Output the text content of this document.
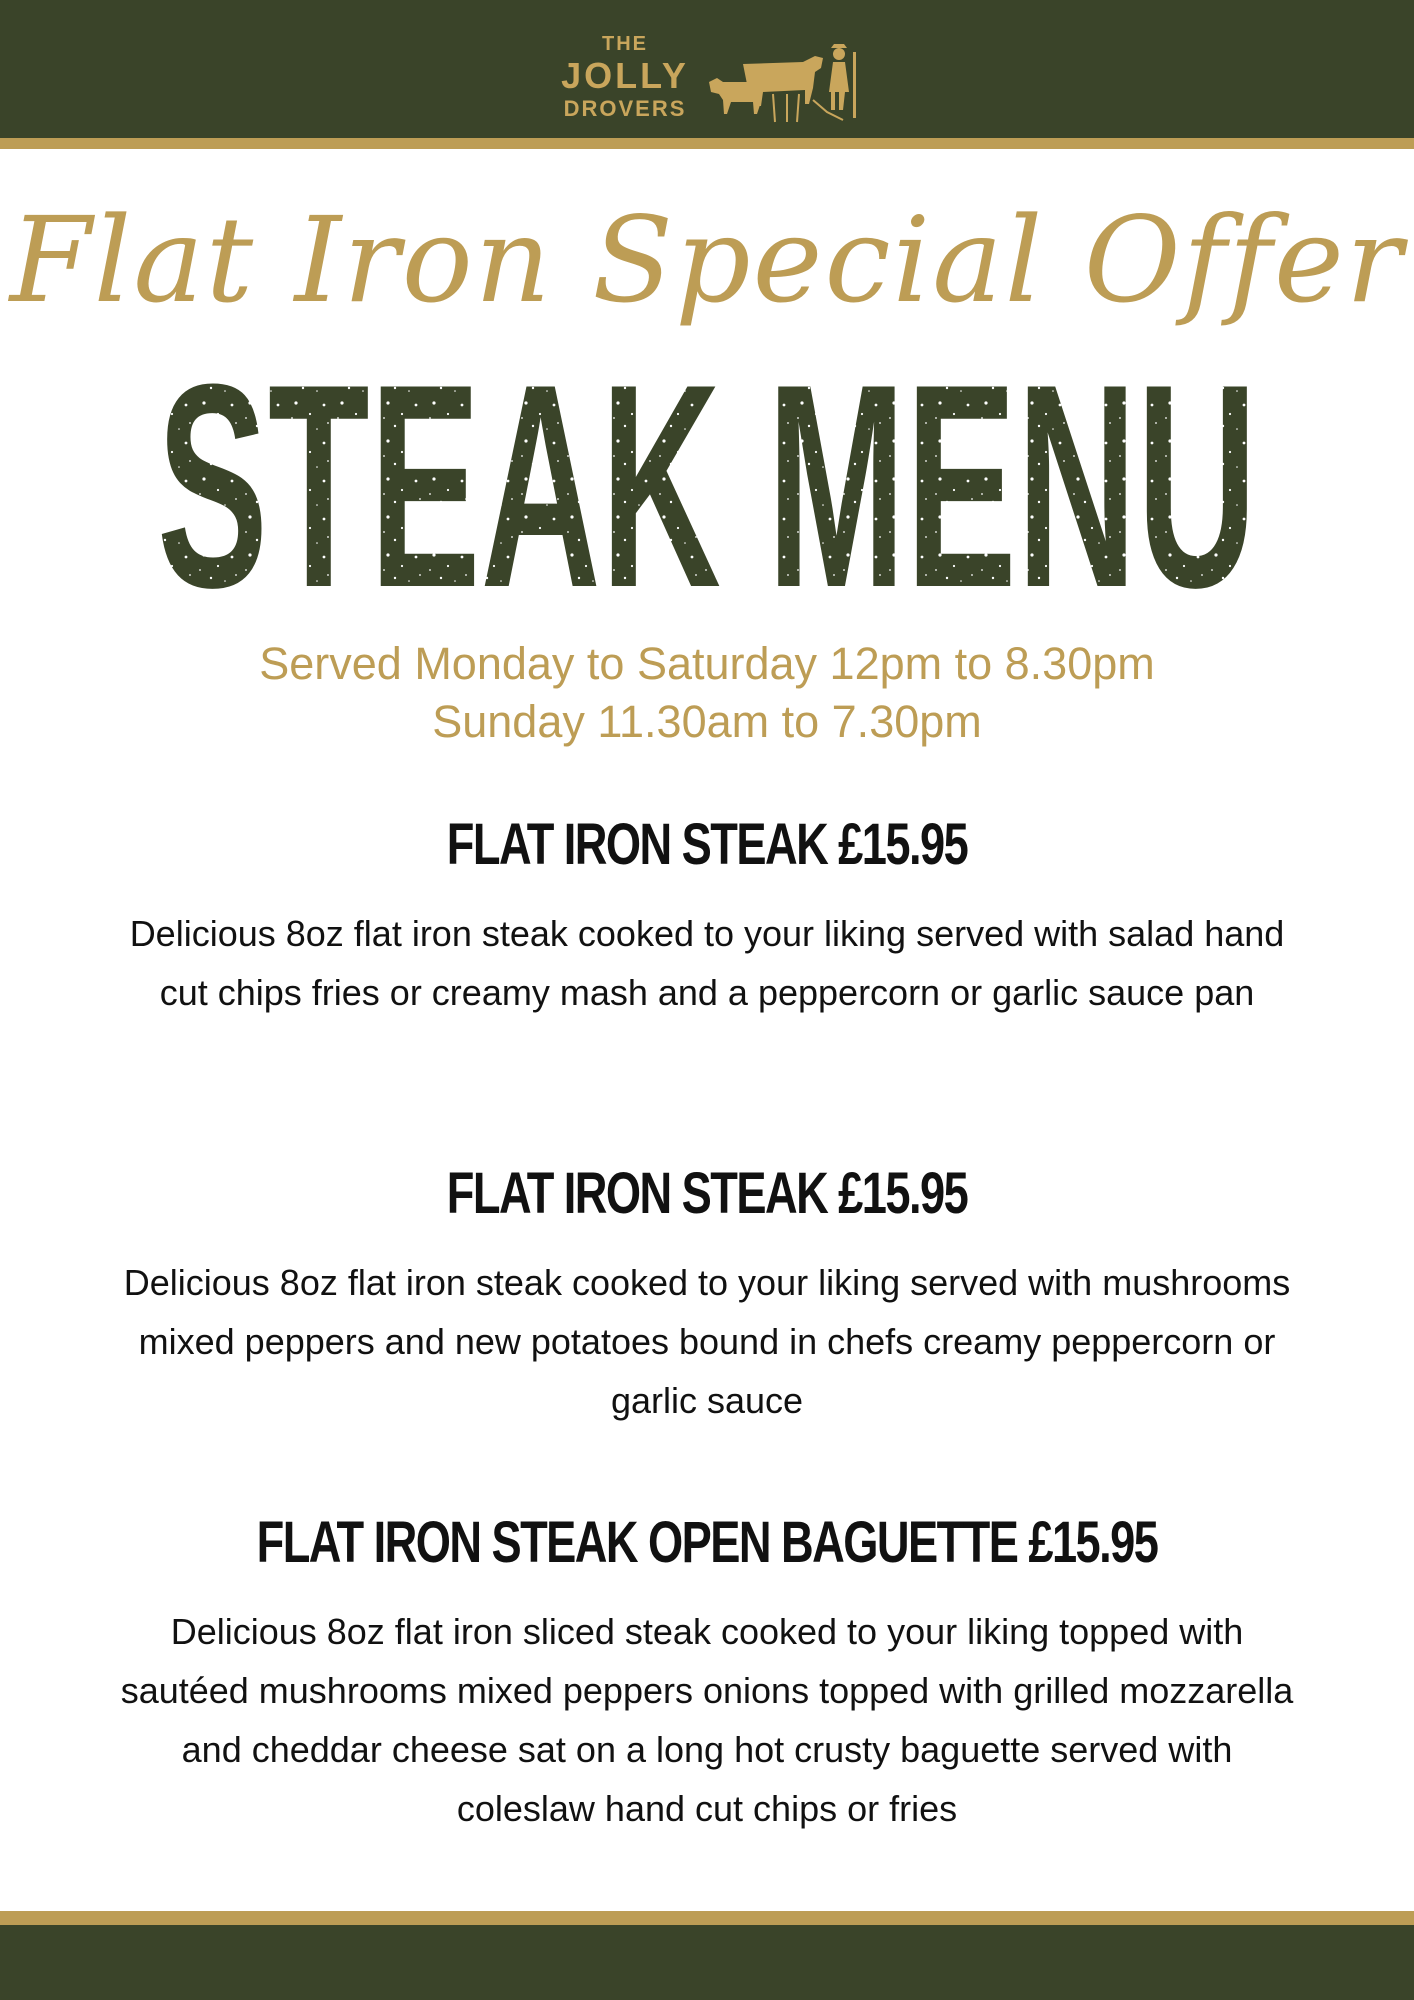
THE
JOLLY
DROVERS
Flat Iron Special Offer
STEAK MENU
Served Monday to Saturday 12pm to 8.30pm
Sunday 11.30am to 7.30pm
FLAT IRON STEAK £15.95
Delicious 8oz flat iron steak cooked to your liking served with salad hand cut chips fries or creamy mash and a peppercorn or garlic sauce pan
FLAT IRON STEAK £15.95
Delicious 8oz flat iron steak cooked to your liking served with mushrooms mixed peppers and new potatoes bound in chefs creamy peppercorn or garlic sauce
FLAT IRON STEAK OPEN BAGUETTE £15.95
Delicious 8oz flat iron sliced steak cooked to your liking topped with sautéed mushrooms mixed peppers onions topped with grilled mozzarella and cheddar cheese sat on a long hot crusty baguette served with coleslaw hand cut chips or fries
